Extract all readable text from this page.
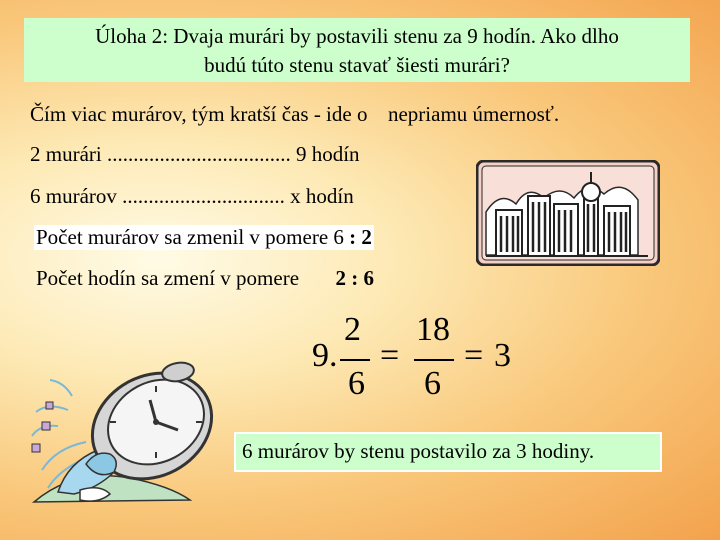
Úloha 2: Dvaja murári by postavili stenu za 9 hodín. Ako dlho
budú túto stenu stavať šiesti murári?
Čím viac murárov, tým kratší čas - ide o nepriamu úmernosť.
2 murári ................................... 9 hodín
6 murárov ............................... x hodín
Počet murárov sa zmenil v pomere 6 : 2
Počet hodín sa zmení v pomere 2 : 6
9.
2
6
=
18
6
= 3
6 murárov by stenu postavilo za 3 hodiny.
